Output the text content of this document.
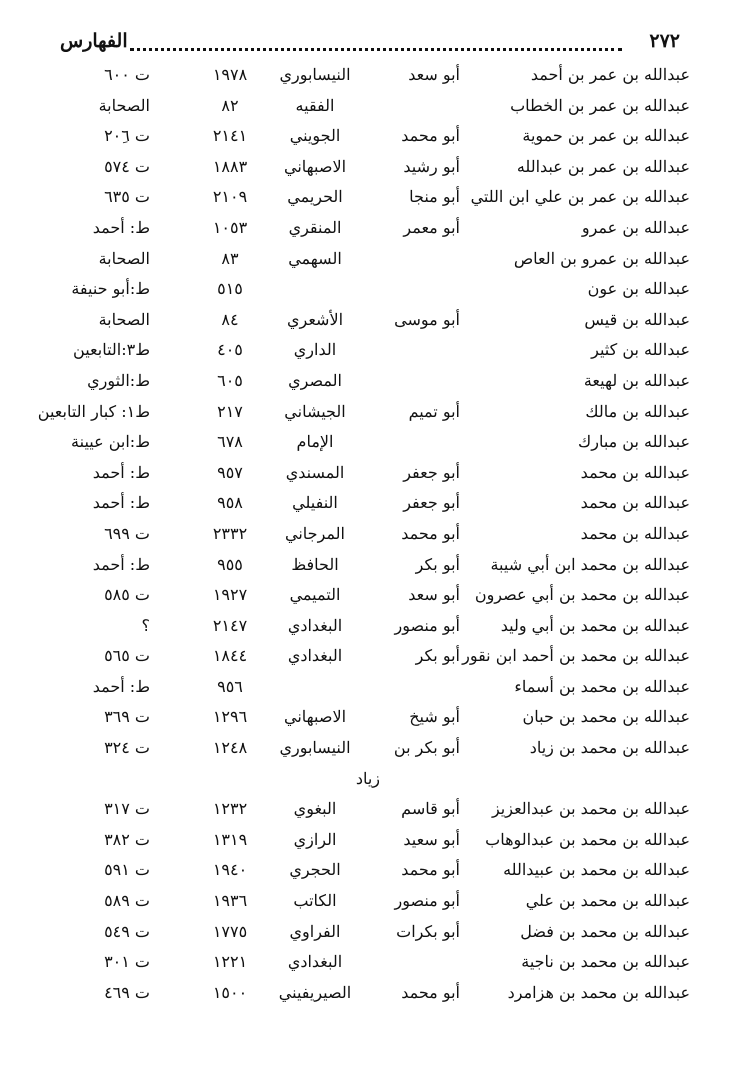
٢٧٢
الفهارس
عبدالله بن عمر بن أحمد
أبو سعد
النيسابوري
١٩٧٨
ت ٦٠٠
عبدالله بن عمر بن الخطاب
الفقيه
٨٢
الصحابة
عبدالله بن عمر بن حموية
أبو محمد
الجويني
٢١٤١
ت ٢٠ِ٦
عبدالله بن عمر بن عبدالله
أبو رشيد
الاصبهاني
١٨٨٣
ت ٥٧٤
عبدالله بن عمر بن علي ابن اللتي
أبو منجا
الحريمي
٢١٠٩
ت ٦٣٥
عبدالله بن عمرو
أبو معمر
المنقري
١٠٥٣
ط: أحمد
عبدالله بن عمرو بن العاص
السهمي
٨٣
الصحابة
عبدالله بن عون
٥١٥
ط:أبو حنيفة
عبدالله بن قيس
أبو موسى
الأشعري
٨٤
الصحابة
عبدالله بن كثير
الداري
٤٠٥
ط٣:التابعين
عبدالله بن لهيعة
المصري
٦٠٥
ط:الثوري
عبدالله بن مالك
أبو تميم
الجيشاني
٢١٧
ط١: كبار التابعين
عبدالله بن مبارك
الإمام
٦٧٨
ط:ابن عيينة
عبدالله بن محمد
أبو جعفر
المسندي
٩٥٧
ط: أحمد
عبدالله بن محمد
أبو جعفر
النفيلي
٩٥٨
ط: أحمد
عبدالله بن محمد
أبو محمد
المرجاني
٢٣٣٢
ت ٦٩٩
عبدالله بن محمد ابن أبي شيبة
أبو بكر
الحافظ
٩٥٥
ط: أحمد
عبدالله بن محمد بن أبي عصرون
أبو سعد
التميمي
١٩٢٧
ت ٥٨٥
عبدالله بن محمد بن أبي وليد
أبو منصور
البغدادي
٢١٤٧
؟
عبدالله بن محمد بن أحمد ابن نقور
أبو بكر
البغدادي
١٨٤٤
ت ٥٦٥
عبدالله بن محمد بن أسماء
٩٥٦
ط: أحمد
عبدالله بن محمد بن حبان
أبو شيخ
الاصبهاني
١٢٩٦
ت ٣٦٩
عبدالله بن محمد بن زياد
أبو بكر بن
النيسابوري
١٢٤٨
ت ٣٢٤
زياد
عبدالله بن محمد بن عبدالعزيز
أبو قاسم
البغوي
١٢٣٢
ت ٣١٧
عبدالله بن محمد بن عبدالوهاب
أبو سعيد
الرازي
١٣١٩
ت ٣٨٢
عبدالله بن محمد بن عبيدالله
أبو محمد
الحجري
١٩٤٠
ت ٥٩١
عبدالله بن محمد بن علي
أبو منصور
الكاتب
١٩٣٦
ت ٥٨٩
عبدالله بن محمد بن فضل
أبو بكرات
الفراوي
١٧٧٥
ت ٥٤٩
عبدالله بن محمد بن ناجية
البغدادي
١٢٢١
ت ٣٠١
عبدالله بن محمد بن هزامرد
أبو محمد
الصيريفيني
١٥٠٠
ت ٤٦٩
